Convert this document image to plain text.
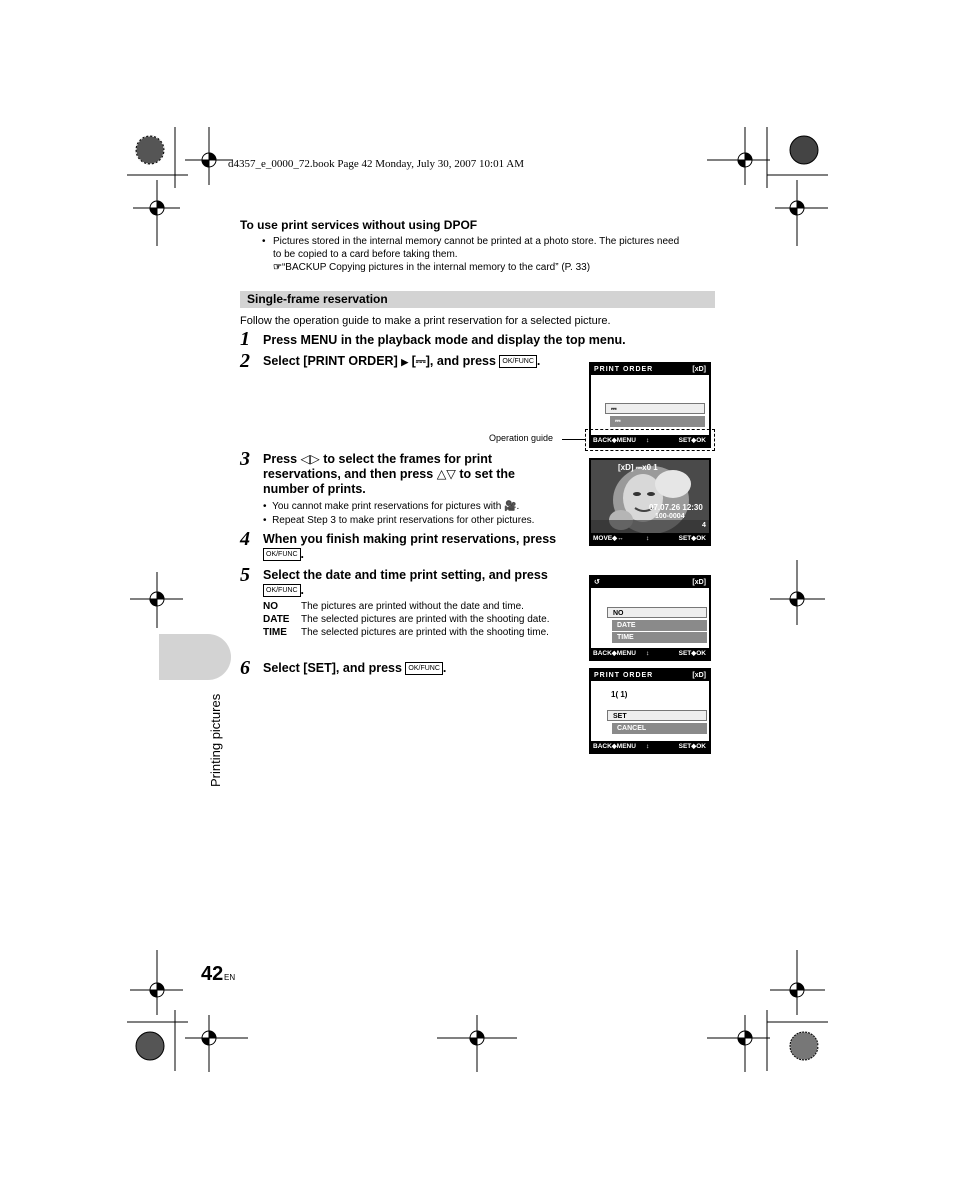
d4357_e_0000_72.book Page 42 Monday, July 30, 2007 10:01 AM
To use print services without using DPOF
• Pictures stored in the internal memory cannot be printed at a photo store. The pictures need
to be copied to a card before taking them.
☞“BACKUP Copying pictures in the internal memory to the card” (P. 33)
Single-frame reservation
Follow the operation guide to make a print reservation for a selected picture.
1 Press MENU in the playback mode and display the top menu.
2 Select [PRINT ORDER] ▶ [⎓], and press OK/FUNC .
PRINT ORDER	[xD]
⎓
⎓
BACK◆MENU ↕	SET◆OK
Operation guide
3 Press ◁▷ to select the frames for print
reservations, and then press △▽ to set the
number of prints.
•  You cannot make print reservations for pictures with 🎥.
•  Repeat Step 3 to make print reservations for other pictures.
[xD] ⎓x0 1
07.07.26 12:30
100-0004
4
MOVE◆↔	↕	SET◆OK
4 When you finish making print reservations, press
OK/FUNC .
5 Select the date and time print setting, and press
OK/FUNC .
NO The pictures are printed without the date and time.
DATE The selected pictures are printed with the shooting date.
TIME The selected pictures are printed with the shooting time.
↺	[xD]
NO
DATE
TIME
BACK◆MENU ↕	SET◆OK
6 Select [SET], and press OK/FUNC .
PRINT ORDER	[xD]
1( 1)
SET
CANCEL
BACK◆MENU ↕	SET◆OK
Printing pictures
42 EN
